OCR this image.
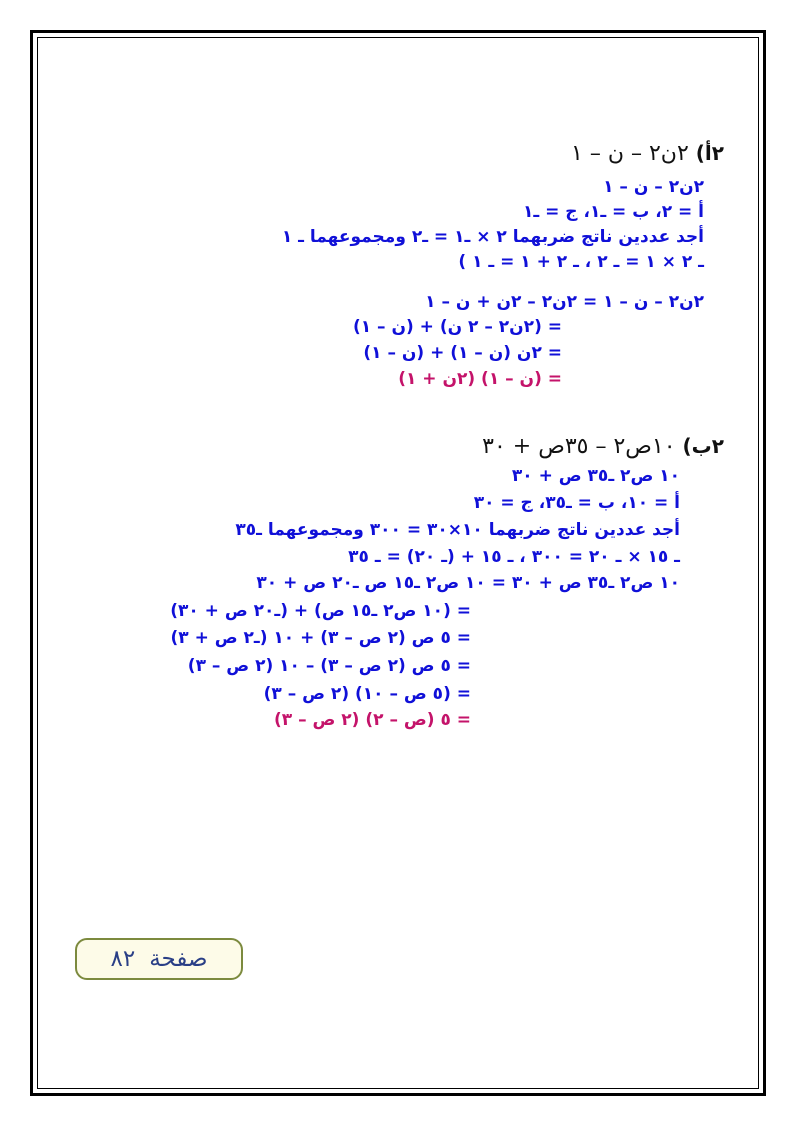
٢أ) ٢ن٢ – ن – ١
٢ن٢ – ن – ١
أ = ٢، ب = ـ١، ج = ـ١
أجد عددين ناتج ضربهما ٢ × ـ١ = ـ٢ ومجموعهما ـ ١
ـ ٢ × ١ = ـ ٢ ، ـ ٢ + ١ = ـ ١ )
٢ن٢ – ن – ١ = ٢ن٢ – ٢ن + ن – ١
= (٢ن٢ – ٢ ن) + (ن – ١)
= ٢ن (ن – ١) + (ن – ١)
= (ن – ١) (٢ن + ١)
٢ب) ١٠ص٢ – ٣٥ص + ٣٠
١٠ ص٢ ـ٣٥ ص + ٣٠
أ = ١٠، ب = ـ٣٥، ج = ٣٠
أجد عددين ناتج ضربهما ١٠×٣٠ = ٣٠٠ ومجموعهما ـ٣٥
ـ ١٥ × ـ ٢٠ = ٣٠٠ ، ـ ١٥ + (ـ ٢٠) = ـ ٣٥
١٠ ص٢ ـ٣٥ ص + ٣٠ = ١٠ ص٢ ـ١٥ ص ـ٢٠ ص + ٣٠
= (١٠ ص٢ ـ١٥ ص) + (ـ٢٠ ص + ٣٠)
= ٥ ص (٢ ص – ٣) + ١٠ (ـ٢ ص + ٣)
= ٥ ص (٢ ص – ٣) – ١٠ (٢ ص – ٣)
= (٥ ص – ١٠) (٢ ص – ٣)
= ٥ (ص – ٢) (٢ ص – ٣)
صفحة
٨٢
